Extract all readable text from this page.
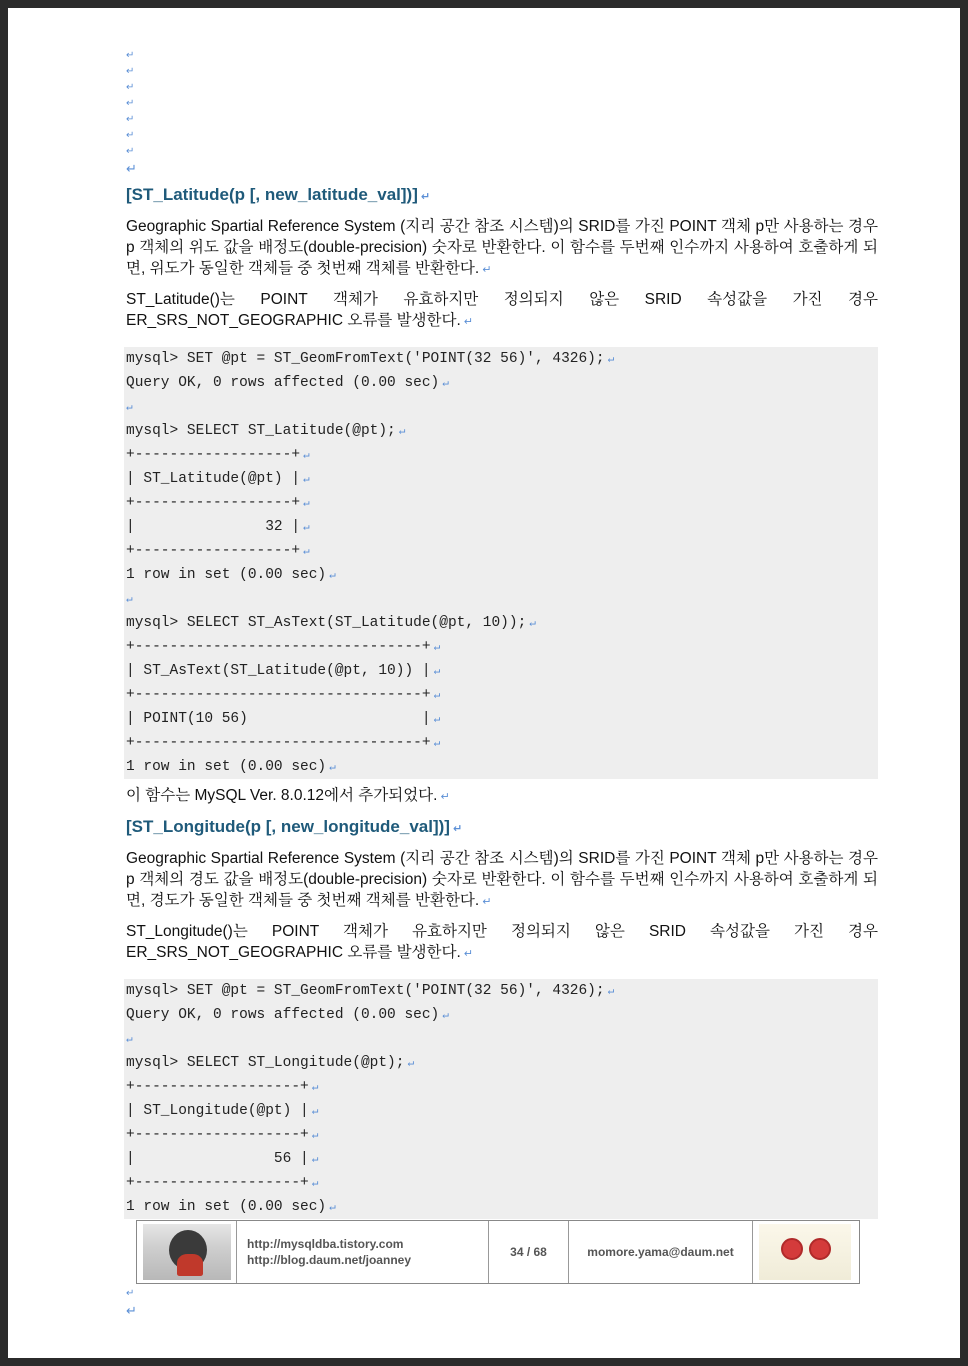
↵
↵
↵
↵
↵
↵
↵
↵
[ST_Latitude(p [, new_latitude_val])] ↵

Geographic Spartial Reference System (지리 공간 참조 시스템)의 SRID를 가진 POINT 객체 p만 사용하는 경우 p 객체의 위도 값을 배정도(double-precision) 숫자로 반환한다. 이 함수를 두번째 인수까지 사용하여 호출하게 되면, 위도가 동일한 객체들 중 첫번째 객체를 반환한다. ↵

ST_Latitude()는 POINT 객체가 유효하지만 정의되지 않은 SRID 속성값을 가진 경우 ER_SRS_NOT_GEOGRAPHIC 오류를 발생한다. ↵

mysql> SET @pt = ST_GeomFromText('POINT(32 56)', 4326); ↵
Query OK, 0 rows affected (0.00 sec) ↵
↵
mysql> SELECT ST_Latitude(@pt); ↵
+------------------+ ↵
| ST_Latitude(@pt) | ↵
+------------------+ ↵
|               32 | ↵
+------------------+ ↵
1 row in set (0.00 sec) ↵
↵
mysql> SELECT ST_AsText(ST_Latitude(@pt, 10)); ↵
+---------------------------------+ ↵
| ST_AsText(ST_Latitude(@pt, 10)) | ↵
+---------------------------------+ ↵
| POINT(10 56)                    | ↵
+---------------------------------+ ↵
1 row in set (0.00 sec) ↵

이 함수는 MySQL Ver. 8.0.12에서 추가되었다. ↵

[ST_Longitude(p [, new_longitude_val])] ↵

Geographic Spartial Reference System (지리 공간 참조 시스템)의 SRID를 가진 POINT 객체 p만 사용하는 경우 p 객체의 경도 값을 배정도(double-precision) 숫자로 반환한다. 이 함수를 두번째 인수까지 사용하여 호출하게 되면, 경도가 동일한 객체들 중 첫번째 객체를 반환한다. ↵

ST_Longitude()는 POINT 객체가 유효하지만 정의되지 않은 SRID 속성값을 가진 경우 ER_SRS_NOT_GEOGRAPHIC 오류를 발생한다. ↵

mysql> SET @pt = ST_GeomFromText('POINT(32 56)', 4326); ↵
Query OK, 0 rows affected (0.00 sec) ↵
↵
mysql> SELECT ST_Longitude(@pt); ↵
+-------------------+ ↵
| ST_Longitude(@pt) | ↵
+-------------------+ ↵
|                56 | ↵
+-------------------+ ↵
1 row in set (0.00 sec) ↵
http://mysqldba.tistory.com
http://blog.daum.net/joanney
34 / 68	momore.yama@daum.net
↵
↵
